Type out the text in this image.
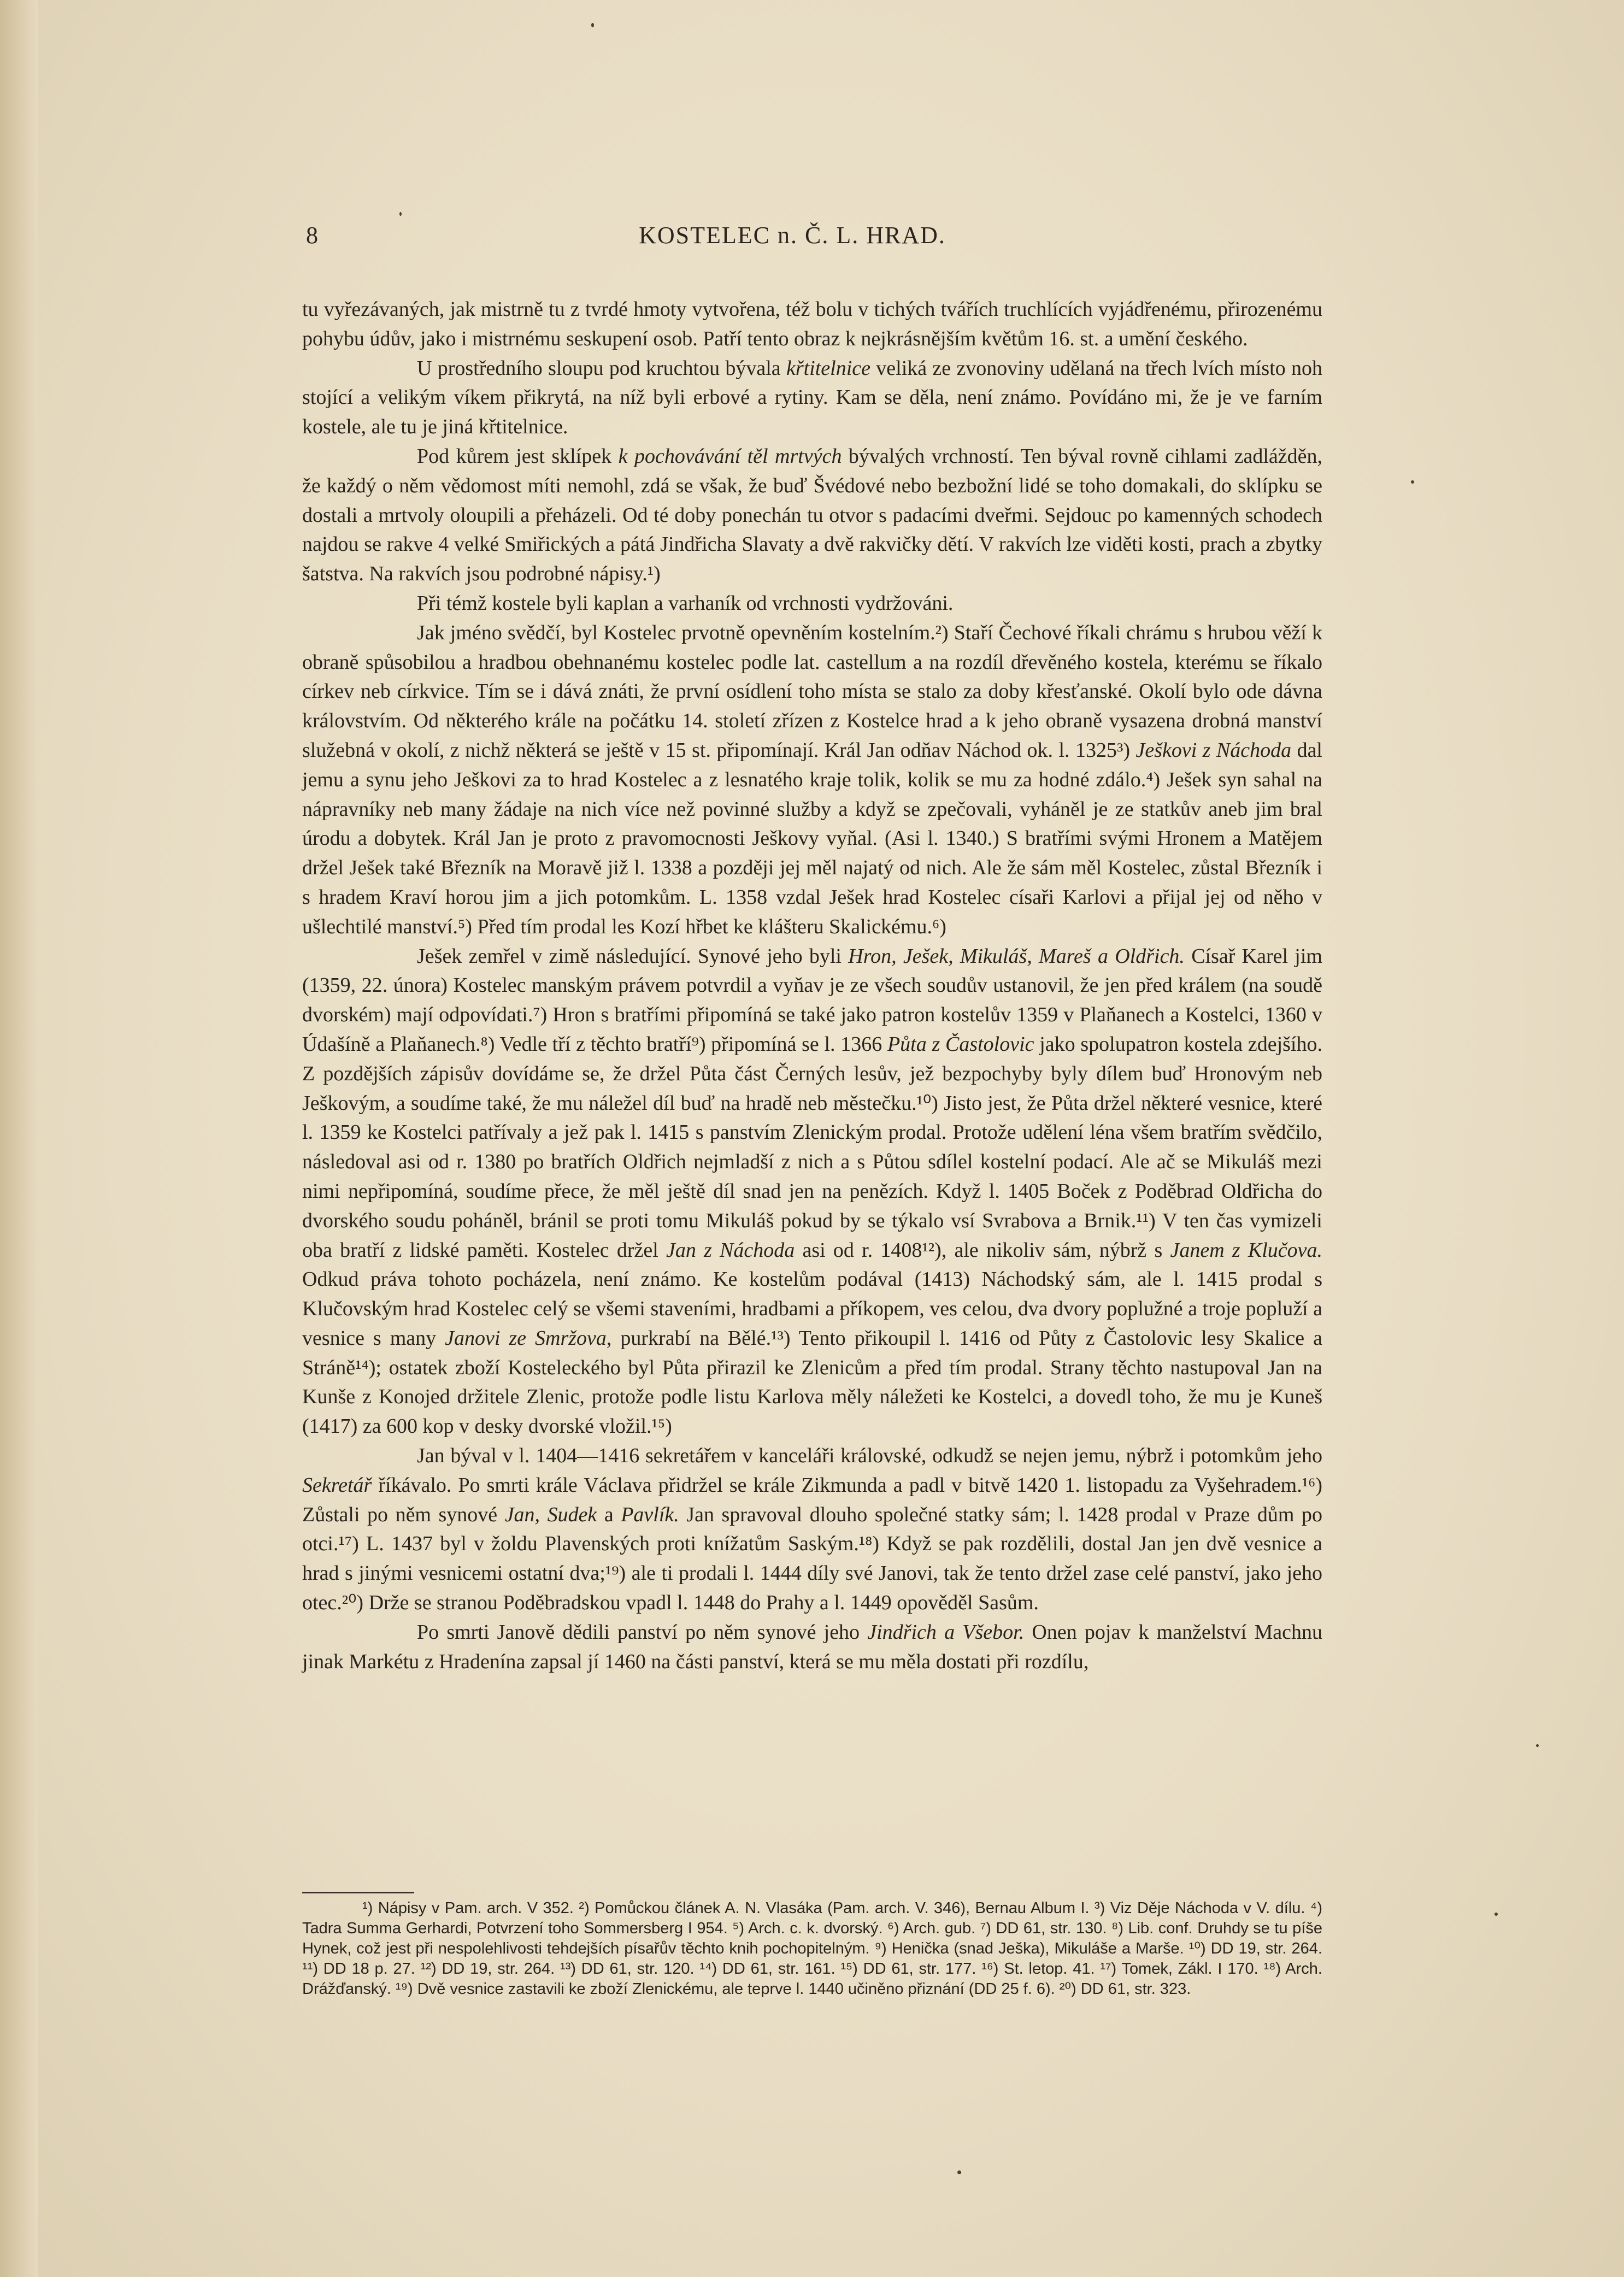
8	KOSTELEC n. Č. L. HRAD.

tu vyřezávaných, jak mistrně tu z tvrdé hmoty vytvořena, též bolu v tichých tvářích truchlících vyjádřenému, přirozenému pohybu údův, jako i mistrnému seskupení osob. Patří tento obraz k nejkrásnějším květům 16. st. a umění českého.

U prostředního sloupu pod kruchtou bývala křtitelnice veliká ze zvonoviny udělaná na třech lvích místo noh stojící a velikým víkem přikrytá, na níž byli erbové a rytiny. Kam se děla, není známo. Povídáno mi, že je ve farním kostele, ale tu je jiná křtitelnice.

Pod kůrem jest sklípek k pochovávání těl mrtvých bývalých vrchností. Ten býval rovně cihlami zadlážděn, že každý o něm vědomost míti nemohl, zdá se však, že buď Švédové nebo bezbožní lidé se toho domakali, do sklípku se dostali a mrtvoly oloupili a přeházeli. Od té doby ponechán tu otvor s padacími dveřmi. Sejdouc po kamenných schodech najdou se rakve 4 velké Smiřických a pátá Jindřicha Slavaty a dvě rakvičky dětí. V rakvích lze viděti kosti, prach a zbytky šatstva. Na rakvích jsou podrobné nápisy.¹)

Při témž kostele byli kaplan a varhaník od vrchnosti vydržováni.

Jak jméno svědčí, byl Kostelec prvotně opevněním kostelním.²) Staří Čechové říkali chrámu s hrubou věží k obraně spůsobilou a hradbou obehnanému kostelec podle lat. castellum a na rozdíl dřevěného kostela, kterému se říkalo církev neb církvice. Tím se i dává znáti, že první osídlení toho místa se stalo za doby křesťanské. Okolí bylo ode dávna královstvím. Od některého krále na počátku 14. století zřízen z Kostelce hrad a k jeho obraně vysazena drobná manství služebná v okolí, z nichž některá se ještě v 15 st. připomínají. Král Jan odňav Náchod ok. l. 1325³) Ješkovi z Náchoda dal jemu a synu jeho Ješkovi za to hrad Kostelec a z lesnatého kraje tolik, kolik se mu za hodné zdálo.⁴) Ješek syn sahal na nápravníky neb many žádaje na nich více než povinné služby a když se zpečovali, vyháněl je ze statkův aneb jim bral úrodu a dobytek. Král Jan je proto z pravomocnosti Ješkovy vyňal. (Asi l. 1340.) S bratřími svými Hronem a Matějem držel Ješek také Březník na Moravě již l. 1338 a později jej měl najatý od nich. Ale že sám měl Kostelec, zůstal Březník i s hradem Kraví horou jim a jich potomkům. L. 1358 vzdal Ješek hrad Kostelec císaři Karlovi a přijal jej od něho v ušlechtilé manství.⁵) Před tím prodal les Kozí hřbet ke klášteru Skalickému.⁶)

Ješek zemřel v zimě následující. Synové jeho byli Hron, Ješek, Mikuláš, Mareš a Oldřich. Císař Karel jim (1359, 22. února) Kostelec manským právem potvrdil a vyňav je ze všech soudův ustanovil, že jen před králem (na soudě dvorském) mají odpovídati.⁷) Hron s bratřími připomíná se také jako patron kostelův 1359 v Plaňanech a Kostelci, 1360 v Údašíně a Plaňanech.⁸) Vedle tří z těchto bratří⁹) připomíná se l. 1366 Půta z Častolovic jako spolupatron kostela zdejšího. Z pozdějších zápisův dovídáme se, že držel Půta část Černých lesův, jež bezpochyby byly dílem buď Hronovým neb Ješkovým, a soudíme také, že mu náležel díl buď na hradě neb městečku.¹⁰) Jisto jest, že Půta držel některé vesnice, které l. 1359 ke Kostelci patřívaly a jež pak l. 1415 s panstvím Zlenickým prodal. Protože udělení léna všem bratřím svědčilo, následoval asi od r. 1380 po bratřích Oldřich nejmladší z nich a s Půtou sdílel kostelní podací. Ale ač se Mikuláš mezi nimi nepřipomíná, soudíme přece, že měl ještě díl snad jen na penězích. Když l. 1405 Boček z Poděbrad Oldřicha do dvorského soudu poháněl, bránil se proti tomu Mikuláš pokud by se týkalo vsí Svrabova a Brnik.¹¹) V ten čas vymizeli oba bratří z lidské paměti. Kostelec držel Jan z Náchoda asi od r. 1408¹²), ale nikoliv sám, nýbrž s Janem z Klučova. Odkud práva tohoto pocházela, není známo. Ke kostelům podával (1413) Náchodský sám, ale l. 1415 prodal s Klučovským hrad Kostelec celý se všemi staveními, hradbami a příkopem, ves celou, dva dvory poplužné a troje popluží a vesnice s many Janovi ze Smržova, purkrabí na Bělé.¹³) Tento přikoupil l. 1416 od Půty z Častolovic lesy Skalice a Stráně¹⁴); ostatek zboží Kosteleckého byl Půta přirazil ke Zlenicům a před tím prodal. Strany těchto nastupoval Jan na Kunše z Konojed držitele Zlenic, protože podle listu Karlova měly náležeti ke Kostelci, a dovedl toho, že mu je Kuneš (1417) za 600 kop v desky dvorské vložil.¹⁵)

Jan býval v l. 1404—1416 sekretářem v kanceláři královské, odkudž se nejen jemu, nýbrž i potomkům jeho Sekretář říkávalo. Po smrti krále Václava přidržel se krále Zikmunda a padl v bitvě 1420 1. listopadu za Vyšehradem.¹⁶) Zůstali po něm synové Jan, Sudek a Pavlík. Jan spravoval dlouho společné statky sám; l. 1428 prodal v Praze dům po otci.¹⁷) L. 1437 byl v žoldu Plavenských proti knížatům Saským.¹⁸) Když se pak rozdělili, dostal Jan jen dvě vesnice a hrad s jinými vesnicemi ostatní dva;¹⁹) ale ti prodali l. 1444 díly své Janovi, tak že tento držel zase celé panství, jako jeho otec.²⁰) Drže se stranou Poděbradskou vpadl l. 1448 do Prahy a l. 1449 opověděl Sasům.

Po smrti Janově dědili panství po něm synové jeho Jindřich a Všebor. Onen pojav k manželství Machnu jinak Markétu z Hradenína zapsal jí 1460 na části panství, která se mu měla dostati při rozdílu,

¹) Nápisy v Pam. arch. V 352. ²) Pomůckou článek A. N. Vlasáka (Pam. arch. V. 346), Bernau Album I. ³) Viz Děje Náchoda v V. dílu. ⁴) Tadra Summa Gerhardi, Potvrzení toho Sommersberg I 954. ⁵) Arch. c. k. dvorský. ⁶) Arch. gub. ⁷) DD 61, str. 130. ⁸) Lib. conf. Druhdy se tu píše Hynek, což jest při nespolehlivosti tehdejších písařův těchto knih pochopitelným. ⁹) Henička (snad Ješka), Mikuláše a Marše. ¹⁰) DD 19, str. 264. ¹¹) DD 18 p. 27. ¹²) DD 19, str. 264. ¹³) DD 61, str. 120. ¹⁴) DD 61, str. 161. ¹⁵) DD 61, str. 177. ¹⁶) St. letop. 41. ¹⁷) Tomek, Zákl. I 170. ¹⁸) Arch. Drážďanský. ¹⁹) Dvě vesnice zastavili ke zboží Zlenickému, ale teprve l. 1440 učiněno přiznání (DD 25 f. 6). ²⁰) DD 61, str. 323.
